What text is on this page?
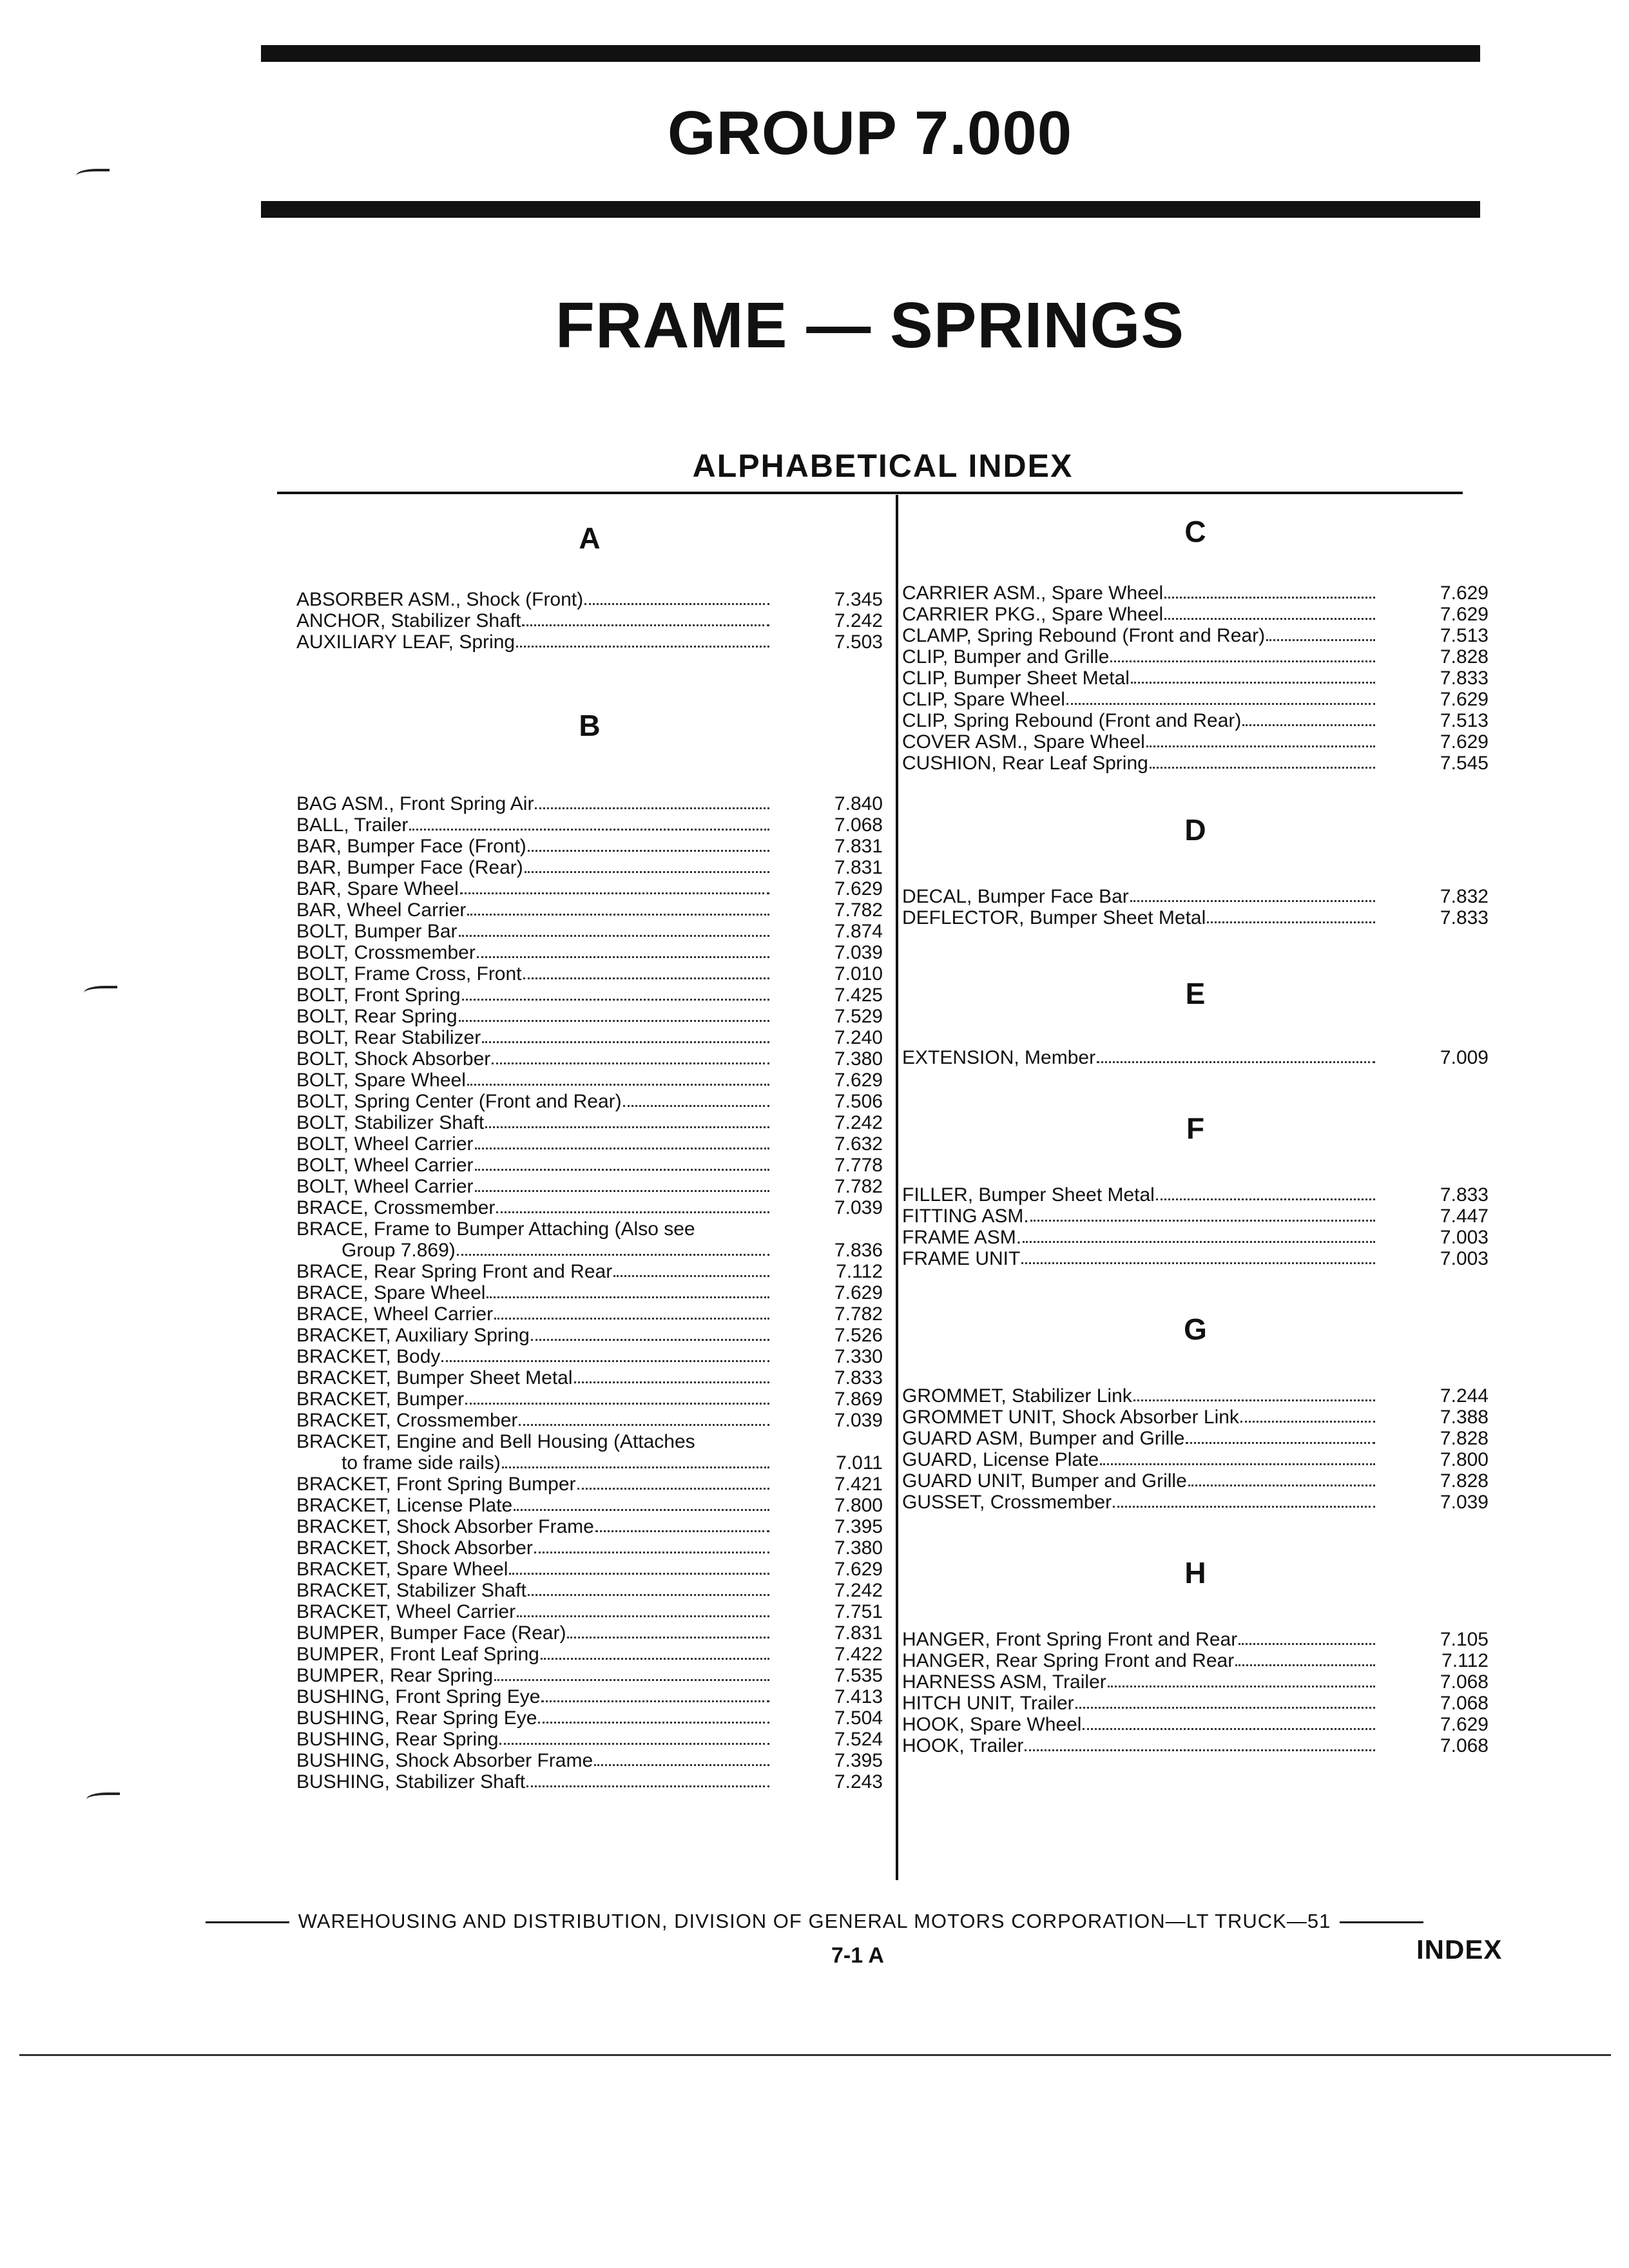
GROUP 7.000
FRAME — SPRINGS
ALPHABETICAL INDEX
A
ABSORBER ASM., Shock (Front)	7.345
ANCHOR, Stabilizer Shaft	7.242
AUXILIARY LEAF, Spring	7.503
B
BAG ASM., Front Spring Air	7.840
BALL, Trailer	7.068
BAR, Bumper Face (Front)	7.831
BAR, Bumper Face (Rear)	7.831
BAR, Spare Wheel	7.629
BAR, Wheel Carrier	7.782
BOLT, Bumper Bar	7.874
BOLT, Crossmember	7.039
BOLT, Frame Cross, Front	7.010
BOLT, Front Spring	7.425
BOLT, Rear Spring	7.529
BOLT, Rear Stabilizer	7.240
BOLT, Shock Absorber	7.380
BOLT, Spare Wheel	7.629
BOLT, Spring Center (Front and Rear)	7.506
BOLT, Stabilizer Shaft	7.242
BOLT, Wheel Carrier	7.632
BOLT, Wheel Carrier	7.778
BOLT, Wheel Carrier	7.782
BRACE, Crossmember	7.039
BRACE, Frame to Bumper Attaching (Also see
Group 7.869)	7.836
BRACE, Rear Spring Front and Rear	7.112
BRACE, Spare Wheel	7.629
BRACE, Wheel Carrier	7.782
BRACKET, Auxiliary Spring	7.526
BRACKET, Body	7.330
BRACKET, Bumper Sheet Metal	7.833
BRACKET, Bumper	7.869
BRACKET, Crossmember	7.039
BRACKET, Engine and Bell Housing (Attaches
to frame side rails)	7.011
BRACKET, Front Spring Bumper	7.421
BRACKET, License Plate	7.800
BRACKET, Shock Absorber Frame	7.395
BRACKET, Shock Absorber	7.380
BRACKET, Spare Wheel	7.629
BRACKET, Stabilizer Shaft	7.242
BRACKET, Wheel Carrier	7.751
BUMPER, Bumper Face (Rear)	7.831
BUMPER, Front Leaf Spring	7.422
BUMPER, Rear Spring	7.535
BUSHING, Front Spring Eye	7.413
BUSHING, Rear Spring Eye	7.504
BUSHING, Rear Spring	7.524
BUSHING, Shock Absorber Frame	7.395
BUSHING, Stabilizer Shaft	7.243
C
CARRIER ASM., Spare Wheel	7.629
CARRIER PKG., Spare Wheel	7.629
CLAMP, Spring Rebound (Front and Rear)	7.513
CLIP, Bumper and Grille	7.828
CLIP, Bumper Sheet Metal	7.833
CLIP, Spare Wheel	7.629
CLIP, Spring Rebound (Front and Rear)	7.513
COVER ASM., Spare Wheel	7.629
CUSHION, Rear Leaf Spring	7.545
D
DECAL, Bumper Face Bar	7.832
DEFLECTOR, Bumper Sheet Metal	7.833
E
EXTENSION, Member	7.009
F
FILLER, Bumper Sheet Metal	7.833
FITTING ASM.	7.447
FRAME ASM.	7.003
FRAME UNIT	7.003
G
GROMMET, Stabilizer Link	7.244
GROMMET UNIT, Shock Absorber Link	7.388
GUARD ASM, Bumper and Grille	7.828
GUARD, License Plate	7.800
GUARD UNIT, Bumper and Grille	7.828
GUSSET, Crossmember	7.039
H
HANGER, Front Spring Front and Rear	7.105
HANGER, Rear Spring Front and Rear	7.112
HARNESS ASM, Trailer	7.068
HITCH UNIT, Trailer	7.068
HOOK, Spare Wheel	7.629
HOOK, Trailer	7.068
WAREHOUSING AND DISTRIBUTION, DIVISION OF GENERAL MOTORS CORPORATION—LT TRUCK—51
7-1 A	INDEX
